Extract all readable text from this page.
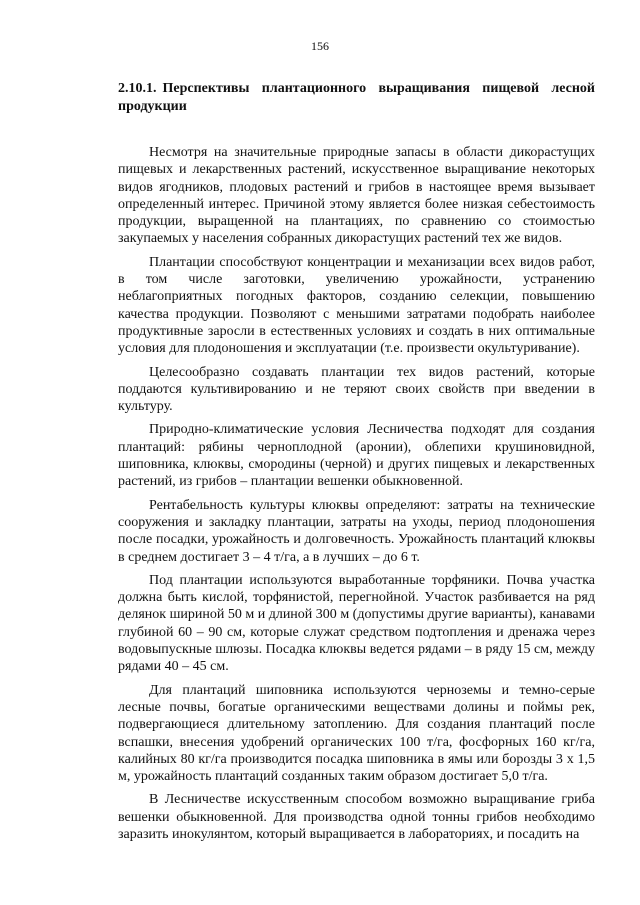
156

2.10.1. Перспективы плантационного выращивания пищевой лесной продукции

Несмотря на значительные природные запасы в области дикорастущих пищевых и лекарственных растений, искусственное выращивание некоторых видов ягодников, плодовых растений и грибов в настоящее время вызывает определенный интерес. Причиной этому является более низкая себестоимость продукции, выращенной на плантациях, по сравнению со стоимостью закупаемых у населения собранных дикорастущих растений тех же видов.

Плантации способствуют концентрации и механизации всех видов работ, в том числе заготовки, увеличению урожайности, устранению неблагоприятных погодных факторов, созданию селекции, повышению качества продукции. Позволяют с меньшими затратами подобрать наиболее продуктивные заросли в естественных условиях и создать в них оптимальные условия для плодоношения и эксплуатации (т.е. произвести окультуривание).

Целесообразно создавать плантации тех видов растений, которые поддаются культивированию и не теряют своих свойств при введении в культуру.

Природно-климатические условия Лесничества подходят для создания плантаций: рябины черноплодной (аронии), облепихи крушиновидной, шиповника, клюквы, смородины (черной) и других пищевых и лекарственных растений, из грибов – плантации вешенки обыкновенной.

Рентабельность культуры клюквы определяют: затраты на технические сооружения и закладку плантации, затраты на уходы, период плодоношения после посадки, урожайность и долговечность. Урожайность плантаций клюквы в среднем достигает 3 – 4 т/га, а в лучших – до 6 т.

Под плантации используются выработанные торфяники. Почва участка должна быть кислой, торфянистой, перегнойной. Участок разбивается на ряд делянок шириной 50 м и длиной 300 м (допустимы другие варианты), канавами глубиной 60 – 90 см, которые служат средством подтопления и дренажа через водовыпускные шлюзы. Посадка клюквы ведется рядами – в ряду 15 см, между рядами 40 – 45 см.

Для плантаций шиповника используются черноземы и темно-серые лесные почвы, богатые органическими веществами долины и поймы рек, подвергающиеся длительному затоплению. Для создания плантаций после вспашки, внесения удобрений органических 100 т/га, фосфорных 160 кг/га, калийных 80 кг/га производится посадка шиповника в ямы или борозды 3 х 1,5 м, урожайность плантаций созданных таким образом достигает 5,0 т/га.

В Лесничестве искусственным способом возможно выращивание гриба вешенки обыкновенной. Для производства одной тонны грибов необходимо заразить инокулянтом, который выращивается в лабораториях, и посадить на
